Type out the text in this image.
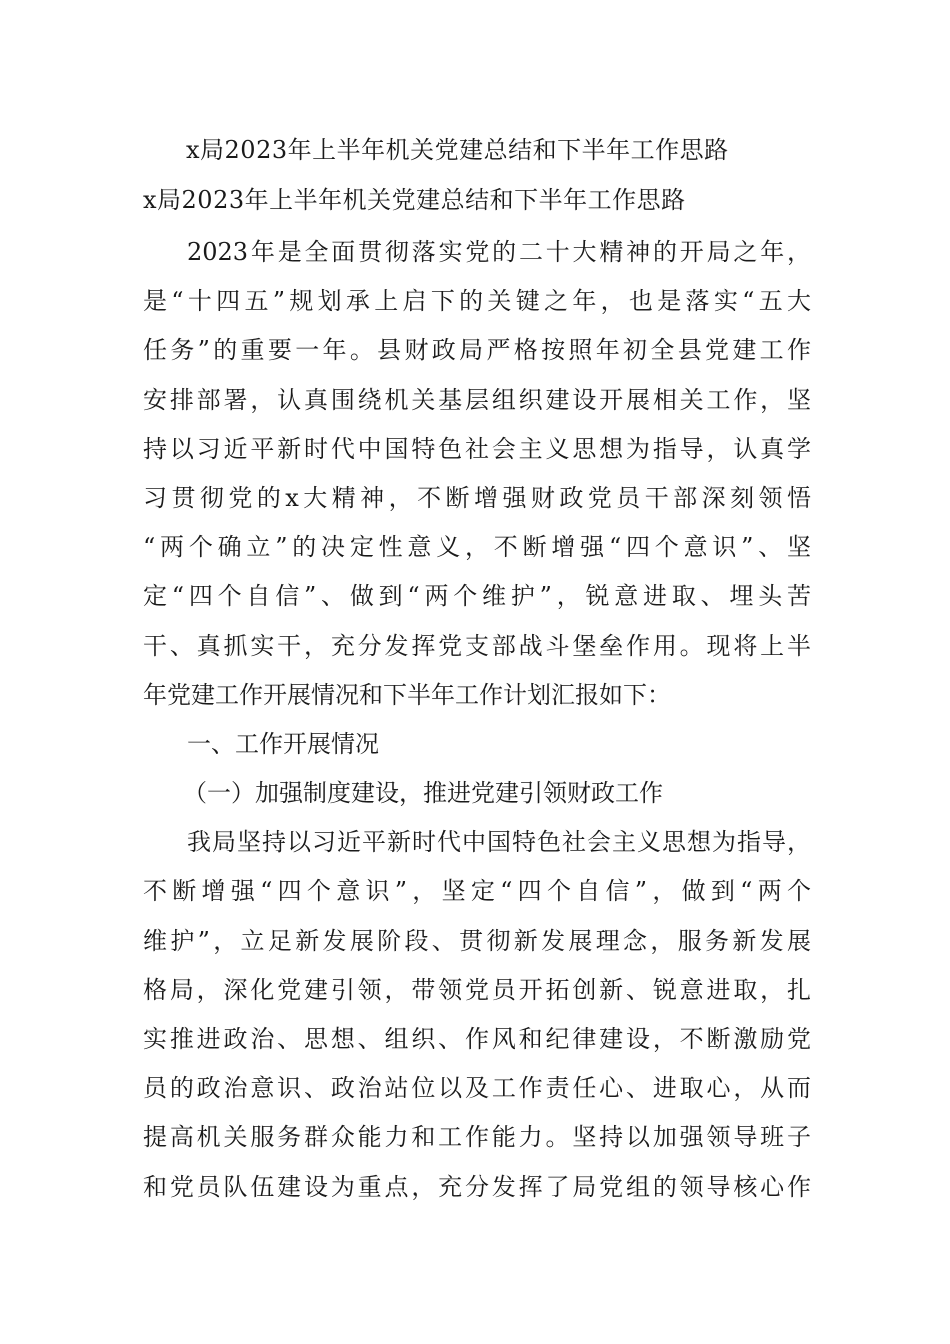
x局2023年上半年机关党建总结和下半年工作思路
x局2023年上半年机关党建总结和下半年工作思路
2023年是全面贯彻落实党的二十大精神的开局之年，
是“十四五”规划承上启下的关键之年，也是落实“五大
任务”的重要一年。县财政局严格按照年初全县党建工作
安排部署，认真围绕机关基层组织建设开展相关工作，坚
持以习近平新时代中国特色社会主义思想为指导，认真学
习贯彻党的x大精神，不断增强财政党员干部深刻领悟
“两个确立”的决定性意义，不断增强“四个意识”、坚
定“四个自信”、做到“两个维护”，锐意进取、埋头苦
干、真抓实干，充分发挥党支部战斗堡垒作用。现将上半
年党建工作开展情况和下半年工作计划汇报如下：
一、工作开展情况
（一）加强制度建设，推进党建引领财政工作
我局坚持以习近平新时代中国特色社会主义思想为指导，
不断增强“四个意识”，坚定“四个自信”，做到“两个
维护”，立足新发展阶段、贯彻新发展理念，服务新发展
格局，深化党建引领，带领党员开拓创新、锐意进取，扎
实推进政治、思想、组织、作风和纪律建设，不断激励党
员的政治意识、政治站位以及工作责任心、进取心，从而
提高机关服务群众能力和工作能力。坚持以加强领导班子
和党员队伍建设为重点，充分发挥了局党组的领导核心作
